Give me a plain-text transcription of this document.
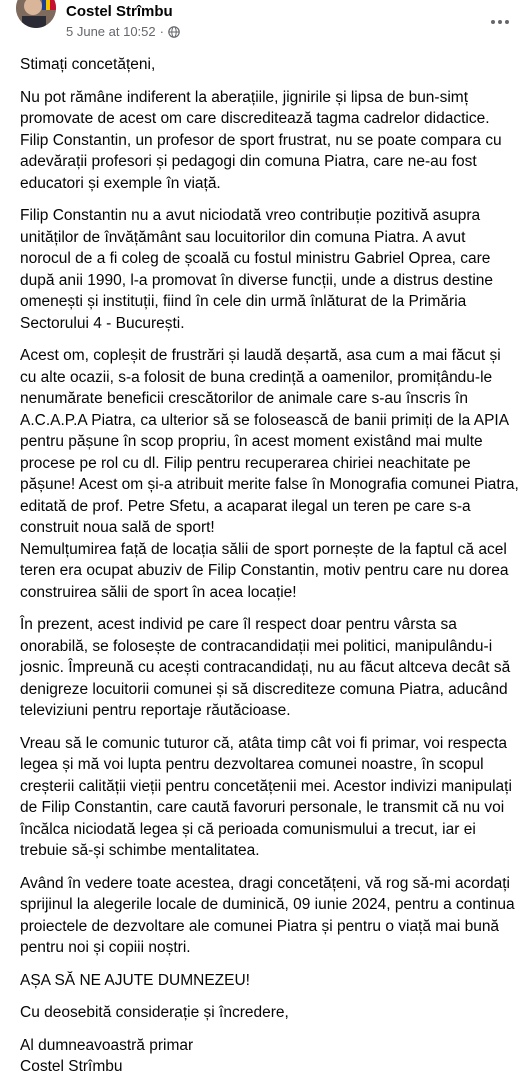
Costel Strîmbu
5 June at 10:52 ·

Stimați concetățeni,

Nu pot rămâne indiferent la aberațiile, jignirile și lipsa de bun-simț promovate de acest om care discreditează tagma cadrelor didactice. Filip Constantin, un profesor de sport frustrat, nu se poate compara cu adevărații profesori și pedagogi din comuna Piatra, care ne-au fost educatori și exemple în viață.

Filip Constantin nu a avut niciodată vreo contribuție pozitivă asupra unităților de învățământ sau locuitorilor din comuna Piatra. A avut norocul de a fi coleg de școală cu fostul ministru Gabriel Oprea, care după anii 1990, l-a promovat în diverse funcții, unde a distrus destine omenești și instituții, fiind în cele din urmă înlăturat de la Primăria Sectorului 4 - București.

Acest om, copleșit de frustrări și laudă deșartă, asa cum a mai făcut și cu alte ocazii, s-a folosit de buna credință a oamenilor, promițându-le nenumărate beneficii crescătorilor de animale care s-au înscris în A.C.A.P.A Piatra, ca ulterior să se folosească de banii primiți de la APIA pentru pășune în scop propriu, în acest moment existând mai multe procese pe rol cu dl. Filip pentru recuperarea chiriei neachitate pe pășune! Acest om și-a atribuit merite false în Monografia comunei Piatra, editată de prof. Petre Sfetu, a acaparat ilegal un teren pe care s-a construit noua sală de sport!

Nemulțumirea față de locația sălii de sport pornește de la faptul că acel teren era ocupat abuziv de Filip Constantin, motiv pentru care nu dorea construirea sălii de sport în acea locație!

În prezent, acest individ pe care îl respect doar pentru vârsta sa onorabilă, se folosește de contracandidații mei politici, manipulându-i josnic. Împreună cu acești contracandidați, nu au făcut altceva decât să denigreze locuitorii comunei și să discrediteze comuna Piatra, aducând televiziuni pentru reportaje răutăcioase.

Vreau să le comunic tuturor că, atâta timp cât voi fi primar, voi respecta legea și mă voi lupta pentru dezvoltarea comunei noastre, în scopul creșterii calității vieții pentru concetățenii mei. Acestor indivizi manipulați de Filip Constantin, care caută favoruri personale, le transmit că nu voi încălca niciodată legea și că perioada comunismului a trecut, iar ei trebuie să-și schimbe mentalitatea.

Având în vedere toate acestea, dragi concetățeni, vă rog să-mi acordați sprijinul la alegerile locale de duminică, 09 iunie 2024, pentru a continua proiectele de dezvoltare ale comunei Piatra și pentru o viață mai bună pentru noi și copiii noștri.

AȘA SĂ NE AJUTE DUMNEZEU!

Cu deosebită considerație și încredere,

Al dumneavoastră primar

Costel Strîmbu
